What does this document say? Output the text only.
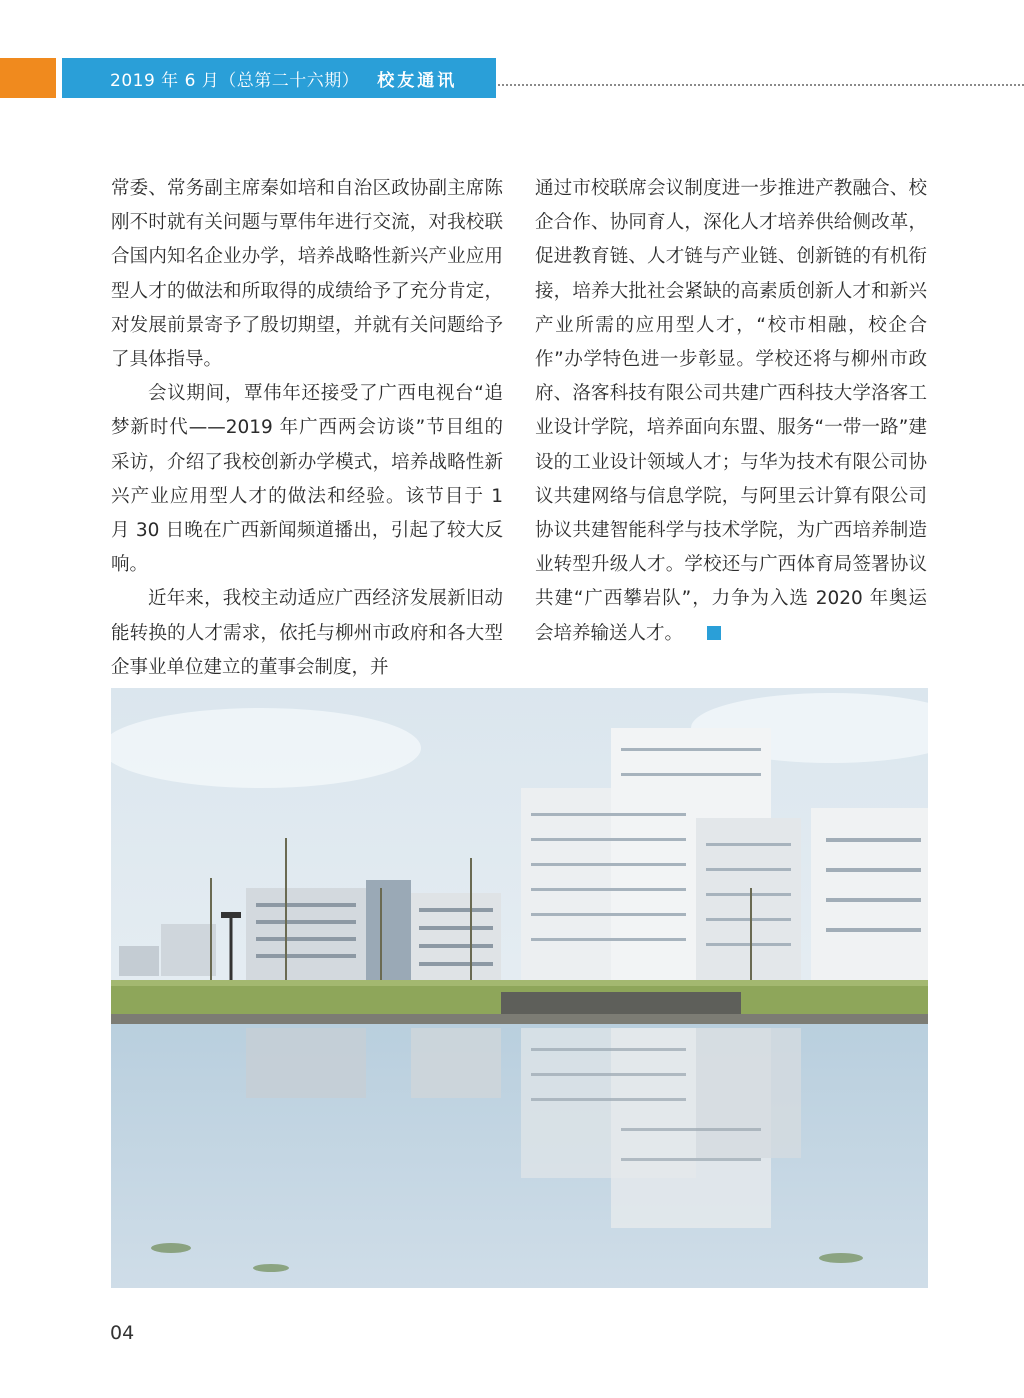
2019 年 6 月（总第二十六期） 校友通讯

常委、常务副主席秦如培和自治区政协副主席陈刚不时就有关问题与覃伟年进行交流，对我校联合国内知名企业办学，培养战略性新兴产业应用型人才的做法和所取得的成绩给予了充分肯定，对发展前景寄予了殷切期望，并就有关问题给予了具体指导。

会议期间，覃伟年还接受了广西电视台“追梦新时代——2019 年广西两会访谈”节目组的采访，介绍了我校创新办学模式，培养战略性新兴产业应用型人才的做法和经验。该节目于 1 月 30 日晚在广西新闻频道播出，引起了较大反响。

近年来，我校主动适应广西经济发展新旧动能转换的人才需求，依托与柳州市政府和各大型企事业单位建立的董事会制度，并

通过市校联席会议制度进一步推进产教融合、校企合作、协同育人，深化人才培养供给侧改革，促进教育链、人才链与产业链、创新链的有机衔接，培养大批社会紧缺的高素质创新人才和新兴产业所需的应用型人才，“校市相融，校企合作”办学特色进一步彰显。学校还将与柳州市政府、洛客科技有限公司共建广西科技大学洛客工业设计学院，培养面向东盟、服务“一带一路”建设的工业设计领域人才；与华为技术有限公司协议共建网络与信息学院，与阿里云计算有限公司协议共建智能科学与技术学院，为广西培养制造业转型升级人才。学校还与广西体育局签署协议共建“广西攀岩队”，力争为入选 2020 年奥运会培养输送人才。

04
